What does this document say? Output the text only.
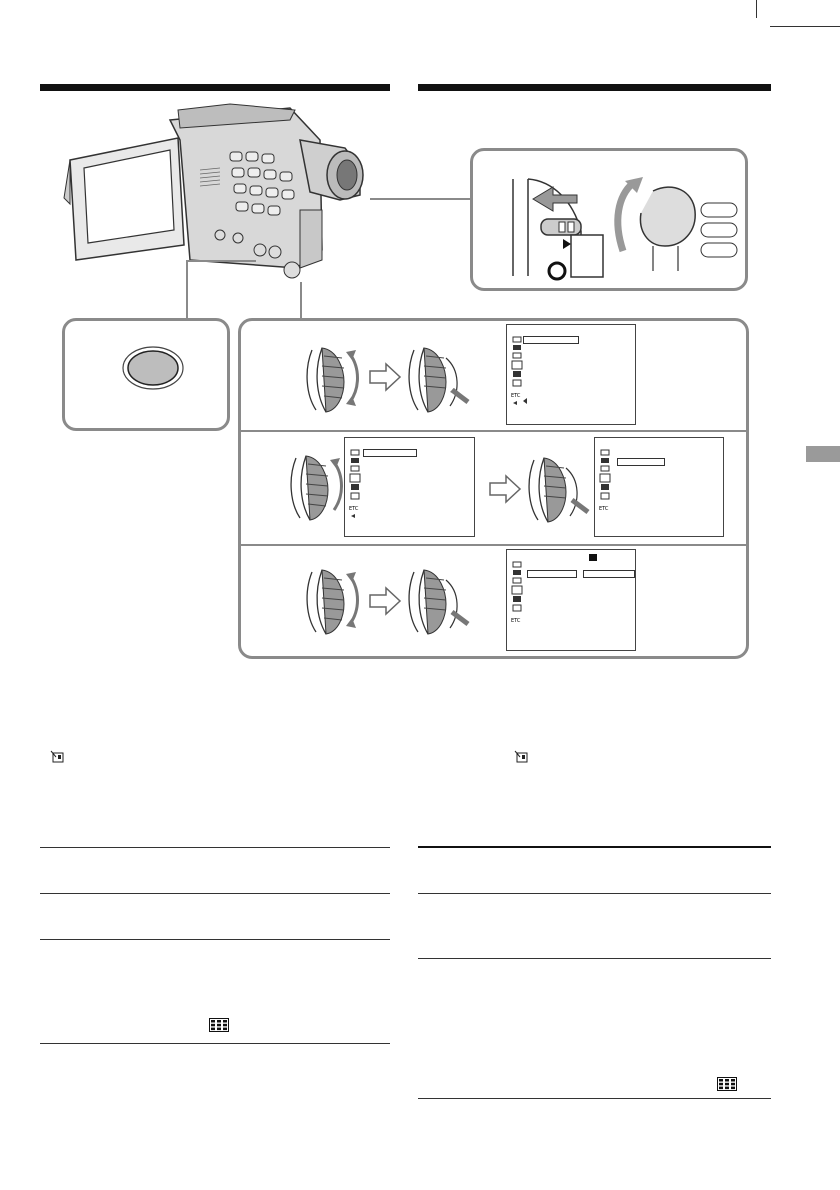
ETC
ETC	ETC
ETC
